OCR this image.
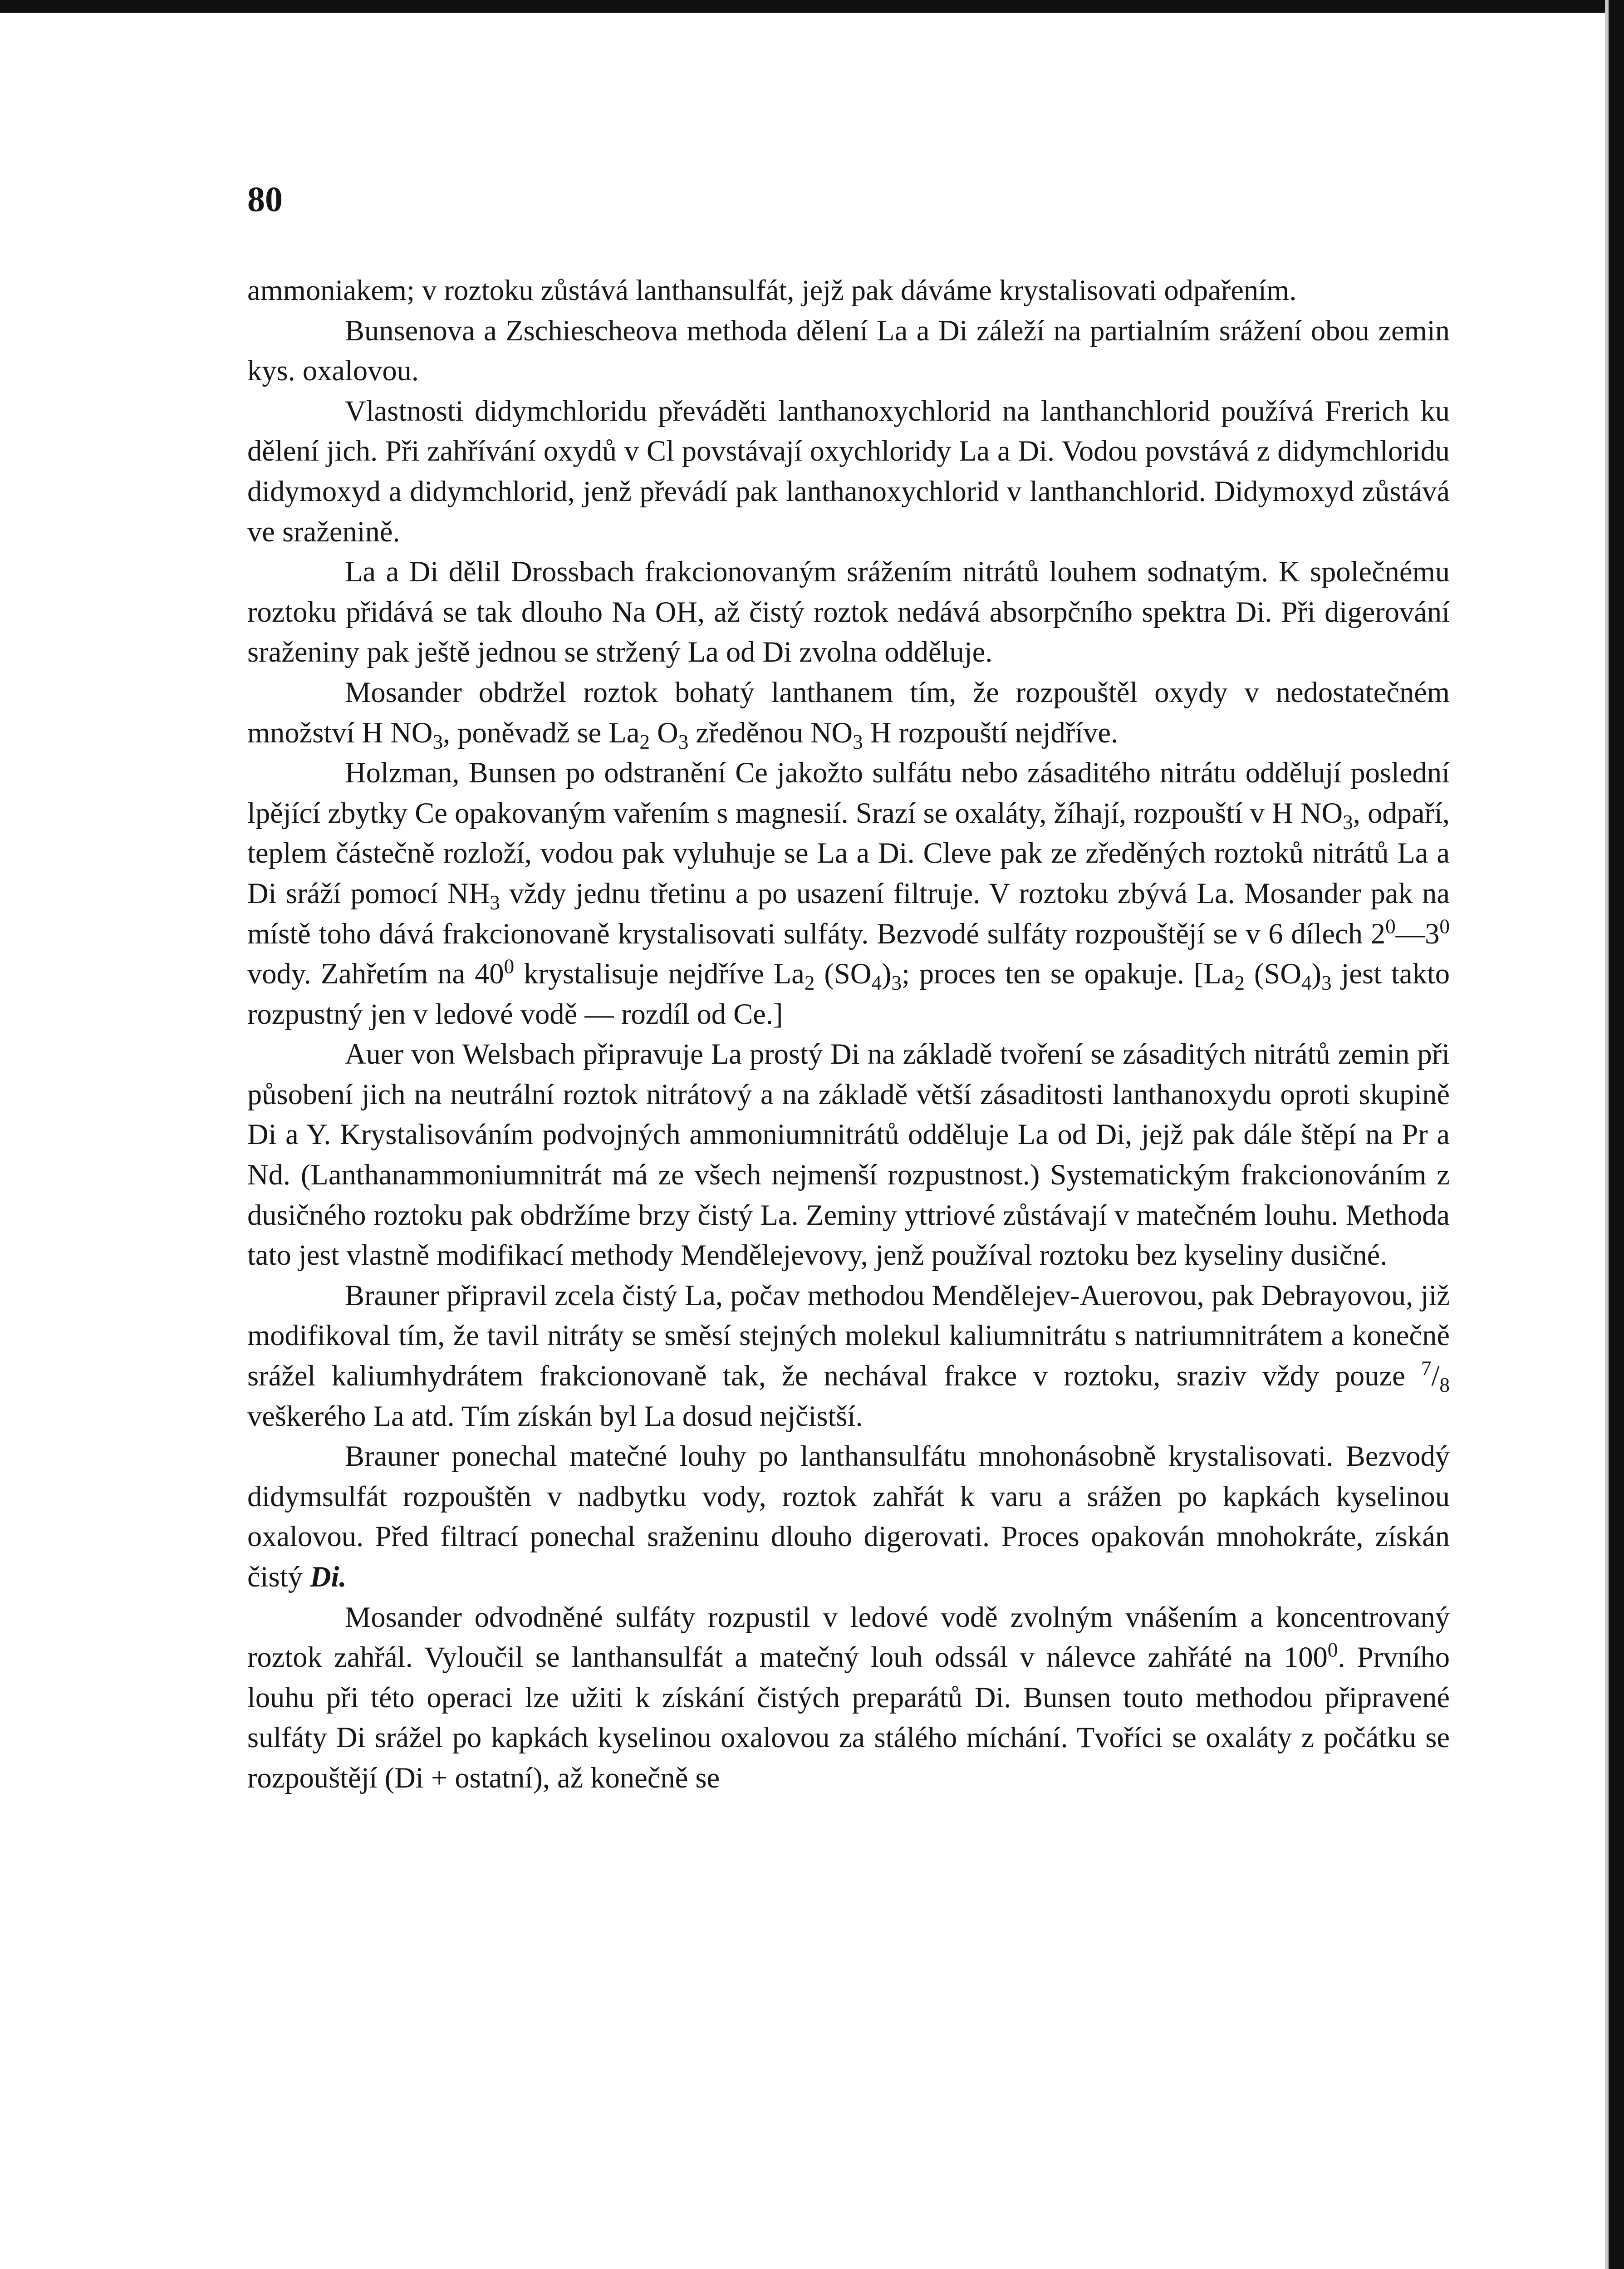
80

ammoniakem; v roztoku zůstává lanthansulfát, jejž pak dáváme krystalisovati odpařením.

Bunsenova a Zschiescheova methoda dělení La a Di záleží na partialním srážení obou zemin kys. oxalovou.

Vlastnosti didymchloridu převáděti lanthanoxychlorid na lanthanchlorid používá Frerich ku dělení jich. Při zahřívání oxydů v Cl povstávají oxychloridy La a Di. Vodou povstává z didymchloridu didymoxyd a didymchlorid, jenž převádí pak lanthanoxychlorid v lanthanchlorid. Didymoxyd zůstává ve sraženině.

La a Di dělil Drossbach frakcionovaným srážením nitrátů louhem sodnatým. K společnému roztoku přidává se tak dlouho Na OH, až čistý roztok nedává absorpčního spektra Di. Při digerování sraženiny pak ještě jednou se stržený La od Di zvolna odděluje.

Mosander obdržel roztok bohatý lanthanem tím, že rozpouštěl oxydy v nedostatečném množství H $NO_3$, poněvadž se $La_2$ $O_3$ zředěnou $NO_3$ H rozpouští nejdříve.

Holzman, Bunsen po odstranění Ce jakožto sulfátu nebo zásaditého nitrátu oddělují poslední lpějící zbytky Ce opakovaným vařením s magnesií. Srazí se oxaláty, žíhají, rozpouští v H $NO_3$, odpaří, teplem částečně rozloží, vodou pak vyluhuje se La a Di. Cleve pak ze zředěných roztoků nitrátů La a Di sráží pomocí $NH_3$ vždy jednu třetinu a po usazení filtruje. V roztoku zbývá La. Mosander pak na místě toho dává frakcionovaně krystalisovati sulfáty. Bezvodé sulfáty rozpouštějí se v 6 dílech $2^0—3^0$ vody. Zahřetím na $40^0$ krystalisuje nejdříve $La_2$ $(SO_4)_3$; proces ten se opakuje. [$La_2$ $(SO_4)_3$ jest takto rozpustný jen v ledové vodě — rozdíl od Ce.]

Auer von Welsbach připravuje La prostý Di na základě tvoření se zásaditých nitrátů zemin při působení jich na neutrální roztok nitrátový a na základě větší zásaditosti lanthanoxydu oproti skupině Di a Y. Krystalisováním podvojných ammoniumnitrátů odděluje La od Di, jejž pak dále štěpí na Pr a Nd. (Lanthanammoniumnitrát má ze všech nejmenší rozpustnost.) Systematickým frakcionováním z dusičného roztoku pak obdržíme brzy čistý La. Zeminy yttriové zůstávají v matečném louhu. Methoda tato jest vlastně modifikací methody Mendělejevovy, jenž používal roztoku bez kyseliny dusičné.

Brauner připravil zcela čistý La, počav methodou Mendělejev-Auerovou, pak Debrayovou, již modifikoval tím, že tavil nitráty se směsí stejných molekul kaliumnitrátu s natriumnitrátem a konečně srážel kaliumhydrátem frakcionovaně tak, že nechával frakce v roztoku, sraziv vždy pouze $^7/_8$ veškerého La atd. Tím získán byl La dosud nejčistší.

Brauner ponechal matečné louhy po lanthansulfátu mnohonásobně krystalisovati. Bezvodý didymsulfát rozpouštěn v nadbytku vody, roztok zahřát k varu a srážen po kapkách kyselinou oxalovou. Před filtrací ponechal sraženinu dlouho digerovati. Proces opakován mnohokráte, získán čistý Di.

Mosander odvodněné sulfáty rozpustil v ledové vodě zvolným vnášením a koncentrovaný roztok zahřál. Vyloučil se lanthansulfát a matečný louh odssál v nálevce zahřáté na $100^0$. Prvního louhu při této operaci lze užiti k získání čistých preparátů Di. Bunsen touto methodou připravené sulfáty Di srážel po kapkách kyselinou oxalovou za stálého míchání. Tvoříci se oxaláty z počátku se rozpouštějí (Di + ostatní), až konečně se
